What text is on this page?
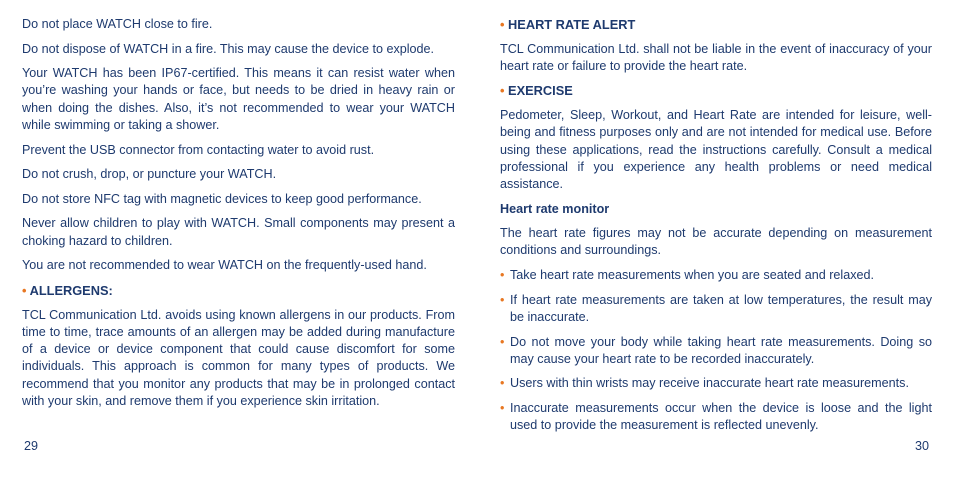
Do not place WATCH close to fire.

Do not dispose of WATCH in a fire. This may cause the device to explode.

Your WATCH has been IP67-certified. This means it can resist water when you’re washing your hands or face, but needs to be dried in heavy rain or when doing the dishes. Also, it’s not recommended to wear your WATCH while swimming or taking a shower.

Prevent the USB connector from contacting water to avoid rust.

Do not crush, drop, or puncture your WATCH.

Do not store NFC tag with magnetic devices to keep good performance.

Never allow children to play with WATCH. Small components may present a choking hazard to children.

You are not recommended to wear WATCH on the frequently-used hand.

• ALLERGENS:

TCL Communication Ltd. avoids using known allergens in our products. From time to time, trace amounts of an allergen may be added during manufacture of a device or device component that could cause discomfort for some individuals. This approach is common for many types of products. We recommend that you monitor any products that may be in prolonged contact with your skin, and remove them if you experience skin irritation.

• HEART RATE ALERT

TCL Communication Ltd. shall not be liable in the event of inaccuracy of your heart rate or failure to provide the heart rate.

• EXERCISE

Pedometer, Sleep, Workout, and Heart Rate are intended for leisure, well-being and fitness purposes only and are not intended for medical use. Before using these applications, read the instructions carefully. Consult a medical professional if you experience any health problems or need medical assistance.

Heart rate monitor

The heart rate figures may not be accurate depending on measurement conditions and surroundings.

• Take heart rate measurements when you are seated and relaxed.
• If heart rate measurements are taken at low temperatures, the result may be inaccurate.
• Do not move your body while taking heart rate measurements. Doing so may cause your heart rate to be recorded inaccurately.
• Users with thin wrists may receive inaccurate heart rate measurements.
• Inaccurate measurements occur when the device is loose and the light used to provide the measurement is reflected unevenly.
29	30
